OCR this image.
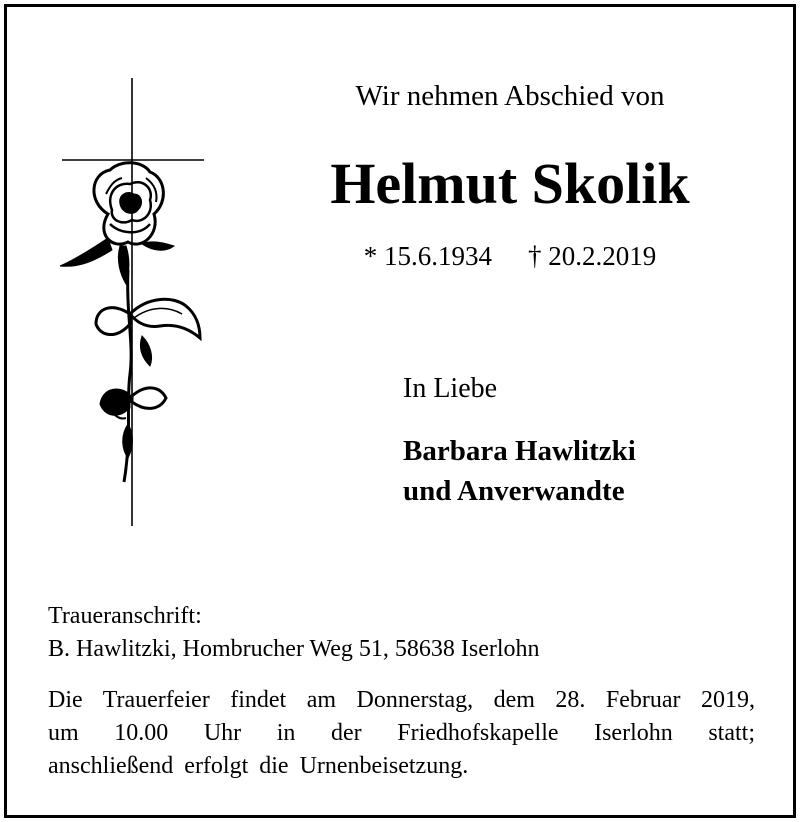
Wir nehmen Abschied von
Helmut Skolik
* 15.6.1934 † 20.2.2019
In Liebe
Barbara Hawlitzki
und Anverwandte
Traueranschrift:
B. Hawlitzki, Hombrucher Weg 51, 58638 Iserlohn
Die Trauerfeier findet am Donnerstag, dem 28. Februar 2019,
um 10.00 Uhr in der Friedhofskapelle Iserlohn statt;
anschließend erfolgt die Urnenbeisetzung.
